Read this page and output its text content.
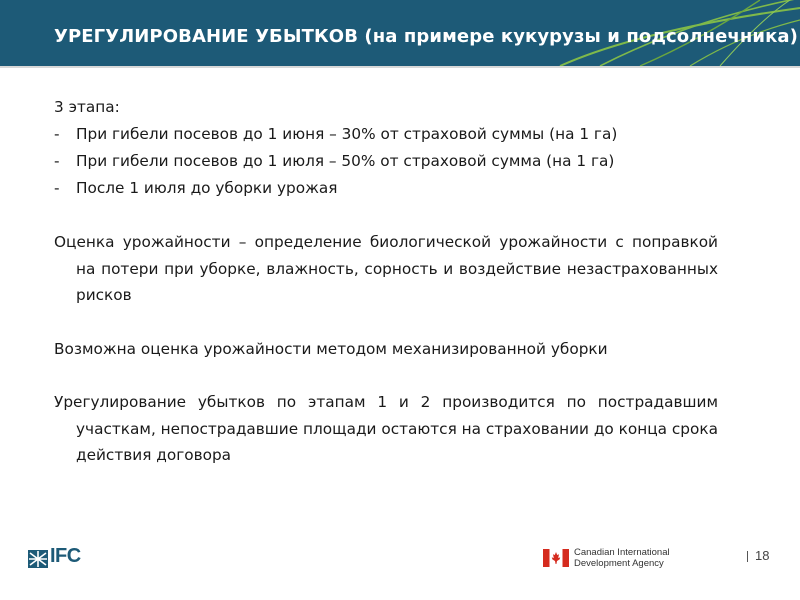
УРЕГУЛИРОВАНИЕ УБЫТКОВ (на примере кукурузы и подсолнечника)

3 этапа:

- При гибели посевов до 1 июня – 30% от страховой суммы (на 1 га)
- При гибели посевов до 1 июля – 50% от страховой сумма (на 1 га)
- После 1 июля до уборки урожая

Оценка урожайности – определение биологической урожайности с поправкой на потери при уборке, влажность, сорность и воздействие незастрахованных рисков

Возможна оценка урожайности методом механизированной уборки

Урегулирование убытков по этапам 1 и 2 производится по пострадавшим участкам, непострадавшие площади остаются на страховании до конца срока действия договора

IFC	Canadian International
Development Agency
18
